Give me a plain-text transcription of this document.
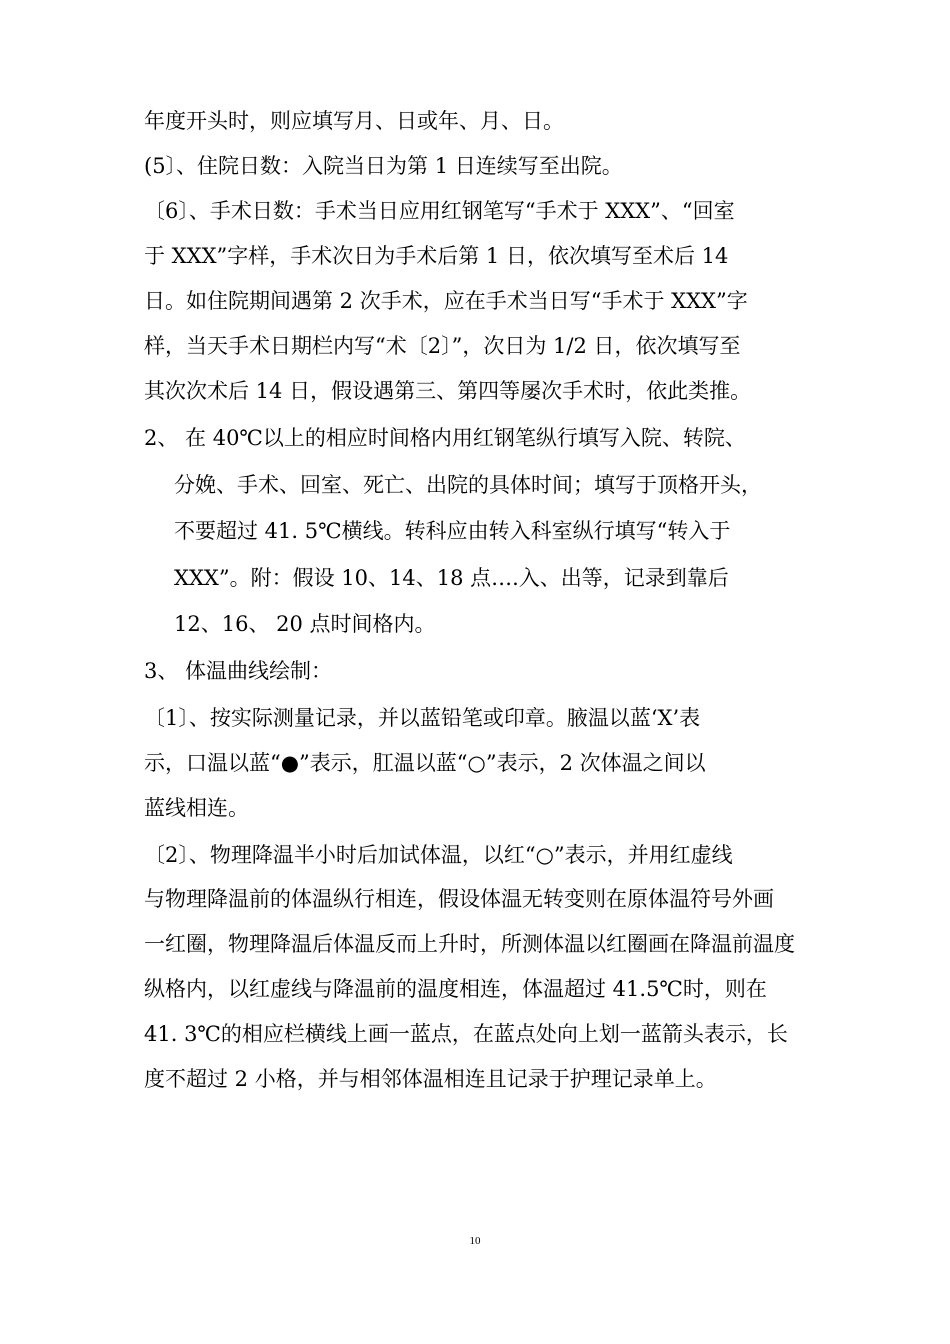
年度开头时，则应填写月、日或年、月、日。
(5〕、住院日数：入院当日为第 1 日连续写至出院。
〔6〕、手术日数：手术当日应用红钢笔写“手术于 XXX”、“回室
于 XXX”字样，手术次日为手术后第 1 日，依次填写至术后 14
日。如住院期间遇第 2 次手术，应在手术当日写“手术于 XXX”字
样，当天手术日期栏内写“术〔2〕”，次日为 1/2 日，依次填写至
其次次术后 14 日，假设遇第三、第四等屡次手术时，依此类推。
2、 在 40℃以上的相应时间格内用红钢笔纵行填写入院、转院、
分娩、手术、回室、死亡、出院的具体时间；填写于顶格开头，
不要超过 41. 5℃横线。转科应由转入科室纵行填写“转入于
XXX”。附：假设 10、14、18 点….入、出等，记录到靠后
12、16、 20 点时间格内。
3、 体温曲线绘制：
〔1〕、按实际测量记录，并以蓝铅笔或印章。腋温以蓝‘X’表
示，口温以蓝“●”表示，肛温以蓝“○”表示，2 次体温之间以
蓝线相连。
〔2〕、物理降温半小时后加试体温，以红“○”表示，并用红虚线
与物理降温前的体温纵行相连，假设体温无转变则在原体温符号外画
一红圈，物理降温后体温反而上升时，所测体温以红圈画在降温前温度
纵格内，以红虚线与降温前的温度相连，体温超过 41.5℃时，则在
41. 3℃的相应栏横线上画一蓝点，在蓝点处向上划一蓝箭头表示，长
度不超过 2 小格，并与相邻体温相连且记录于护理记录单上。
10
